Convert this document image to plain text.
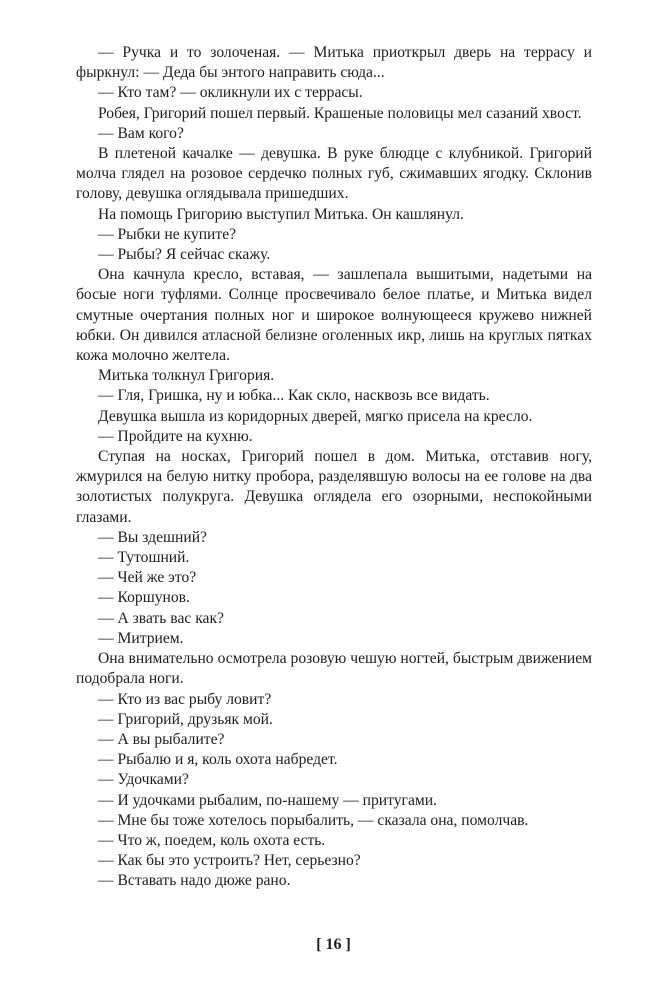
— Ручка и то золоченая. — Митька приоткрыл дверь на террасу и фыркнул: — Деда бы энтого направить сюда...

— Кто там? — окликнули их с террасы.

Робея, Григорий пошел первый. Крашеные половицы мел сазаний хвост.

— Вам кого?

В плетеной качалке — девушка. В руке блюдце с клубникой. Григорий молча глядел на розовое сердечко полных губ, сжимавших ягодку. Склонив голову, девушка оглядывала пришедших.

На помощь Григорию выступил Митька. Он кашлянул.

— Рыбки не купите?

— Рыбы? Я сейчас скажу.

Она качнула кресло, вставая, — зашлепала вышитыми, надетыми на босые ноги туфлями. Солнце просвечивало белое платье, и Митька видел смутные очертания полных ног и широкое волнующееся кружево нижней юбки. Он дивился атласной белизне оголенных икр, лишь на круглых пятках кожа молочно желтела.

Митька толкнул Григория.

— Гля, Гришка, ну и юбка... Как скло, насквозь все видать.

Девушка вышла из коридорных дверей, мягко присела на кресло.

— Пройдите на кухню.

Ступая на носках, Григорий пошел в дом. Митька, отставив ногу, жмурился на белую нитку пробора, разделявшую волосы на ее голове на два золотистых полукруга. Девушка оглядела его озорными, неспокойными глазами.

— Вы здешний?

— Тутошний.

— Чей же это?

— Коршунов.

— А звать вас как?

— Митрием.

Она внимательно осмотрела розовую чешую ногтей, быстрым движением подобрала ноги.

— Кто из вас рыбу ловит?

— Григорий, друзьяк мой.

— А вы рыбалите?

— Рыбалю и я, коль охота набредет.

— Удочками?

— И удочками рыбалим, по-нашему — притугами.

— Мне бы тоже хотелось порыбалить, — сказала она, помолчав.

— Что ж, поедем, коль охота есть.

— Как бы это устроить? Нет, серьезно?

— Вставать надо дюже рано.

[ 16 ]
